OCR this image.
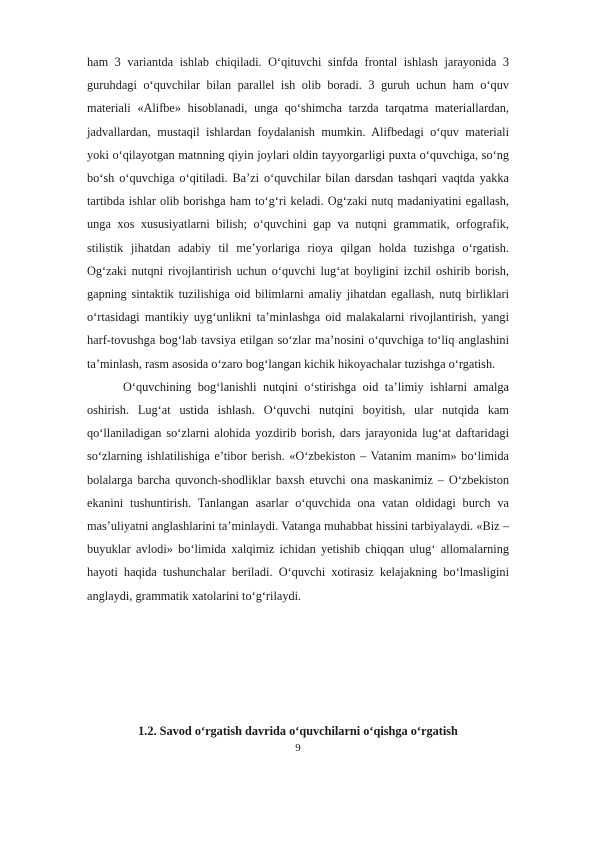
ham 3 variantda ishlab chiqiladi. O‘qituvchi sinfda frontal ishlash jarayonida 3 guruhdagi o‘quvchilar bilan parallel ish olib boradi. 3 guruh uchun ham o‘quv materiali «Alifbe» hisoblanadi, unga qo‘shimcha tarzda tarqatma materiallardan, jadvallardan, mustaqil ishlardan foydalanish mumkin. Alifbedagi o‘quv materiali yoki o‘qilayotgan matnning qiyin joylari oldin tayyorgarligi puxta o‘quvchiga, so‘ng bo‘sh o‘quvchiga o‘qitiladi. Ba’zi o‘quvchilar bilan darsdan tashqari vaqtda yakka tartibda ishlar olib borishga ham to‘g‘ri keladi. Og‘zaki nutq madaniyatini egallash, unga xos xususiyatlarni bilish; o‘quvchini gap va nutqni grammatik, orfografik, stilistik jihatdan adabiy til me’yorlariga rioya qilgan holda tuzishga o‘rgatish. Og‘zaki nutqni rivojlantirish uchun o‘quvchi lug‘at boyligini izchil oshirib borish, gapning sintaktik tuzilishiga oid bilimlarni amaliy jihatdan egallash, nutq birliklari o‘rtasidagi mantikiy uyg‘unlikni ta’minlashga oid malakalarni rivojlantirish, yangi harf-tovushga bog‘lab tavsiya etilgan so‘zlar ma’nosini o‘quvchiga to‘liq anglashini ta’minlash, rasm asosida o‘zaro bog‘langan kichik hikoyachalar tuzishga o‘rgatish.

O‘quvchining bog‘lanishli nutqini o‘stirishga oid ta’limiy ishlarni amalga oshirish. Lug‘at ustida ishlash. O‘quvchi nutqini boyitish, ular nutqida kam qo‘llaniladigan so‘zlarni alohida yozdirib borish, dars jarayonida lug‘at daftaridagi so‘zlarning ishlatilishiga e’tibor berish. «O‘zbekiston – Vatanim manim» bo‘limida bolalarga barcha quvonch-shodliklar baxsh etuvchi ona maskanimiz – O‘zbekiston ekanini tushuntirish. Tanlangan asarlar o‘quvchida ona vatan oldidagi burch va mas’uliyatni anglashlarini ta’minlaydi. Vatanga muhabbat hissini tarbiyalaydi. «Biz – buyuklar avlodi» bo‘limida xalqimiz ichidan yetishib chiqqan ulug‘ allomalarning hayoti haqida tushunchalar beriladi. O‘quvchi xotirasiz kelajakning bo‘lmasligini anglaydi, grammatik xatolarini to‘g‘rilaydi.

1.2. Savod o‘rgatish davrida o‘quvchilarni o‘qishga o‘rgatish
9
